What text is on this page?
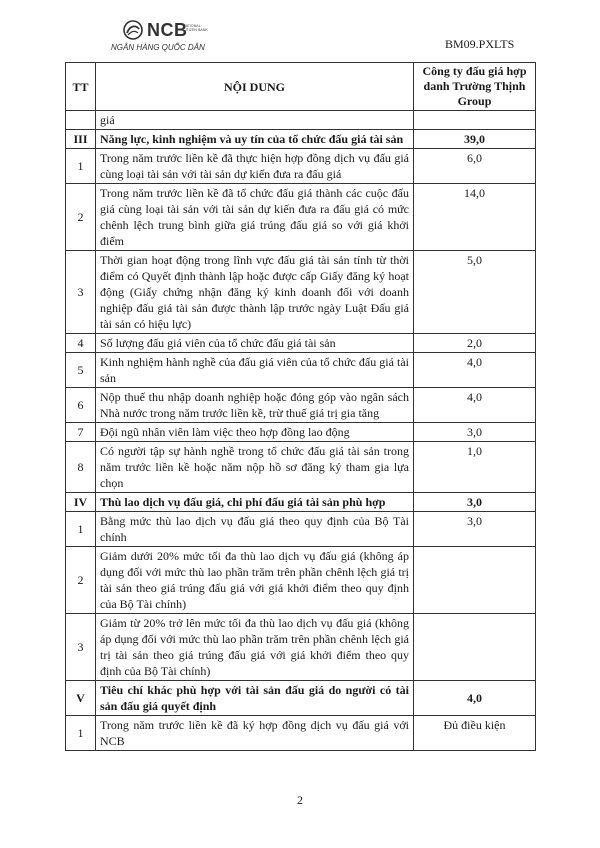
NCB
NATIONAL CITIZEN BANK
NGÂN HÀNG QUỐC DÂN	BM09.PXLTS
TT	NỘI DUNG	Công ty đấu giá hợp danh Trường Thịnh Group
	giá	
III	Năng lực, kinh nghiệm và uy tín của tổ chức đấu giá tài sản	39,0
1	Trong năm trước liền kề đã thực hiện hợp đồng dịch vụ đấu giá cùng loại tài sản với tài sản dự kiến đưa ra đấu giá	6,0
2	Trong năm trước liền kề đã tổ chức đấu giá thành các cuộc đấu giá cùng loại tài sản với tài sản dự kiến đưa ra đấu giá có mức chênh lệch trung bình giữa giá trúng đấu giá so với giá khởi điểm	14,0
3	Thời gian hoạt động trong lĩnh vực đấu giá tài sản tính từ thời điểm có Quyết định thành lập hoặc được cấp Giấy đăng ký hoạt động (Giấy chứng nhận đăng ký kinh doanh đối với doanh nghiệp đấu giá tài sản được thành lập trước ngày Luật Đấu giá tài sản có hiệu lực)	5,0
4	Số lượng đấu giá viên của tổ chức đấu giá tài sản	2,0
5	Kinh nghiệm hành nghề của đấu giá viên của tổ chức đấu giá tài sản	4,0
6	Nộp thuế thu nhập doanh nghiệp hoặc đóng góp vào ngân sách Nhà nước trong năm trước liền kề, trừ thuế giá trị gia tăng	4,0
7	Đội ngũ nhân viên làm việc theo hợp đồng lao động	3,0
8	Có người tập sự hành nghề trong tổ chức đấu giá tài sản trong năm trước liền kề hoặc năm nộp hồ sơ đăng ký tham gia lựa chọn	1,0
IV	Thù lao dịch vụ đấu giá, chi phí đấu giá tài sản phù hợp	3,0
1	Bằng mức thù lao dịch vụ đấu giá theo quy định của Bộ Tài chính	3,0
2	Giảm dưới 20% mức tối đa thù lao dịch vụ đấu giá (không áp dụng đối với mức thù lao phần trăm trên phần chênh lệch giá trị tài sản theo giá trúng đấu giá với giá khởi điểm theo quy định của Bộ Tài chính)	
3	Giảm từ 20% trở lên mức tối đa thù lao dịch vụ đấu giá (không áp dụng đối với mức thù lao phần trăm trên phần chênh lệch giá trị tài sản theo giá trúng đấu giá với giá khởi điểm theo quy định của Bộ Tài chính)	
V	Tiêu chí khác phù hợp với tài sản đấu giá do người có tài sản đấu giá quyết định	4,0
1	Trong năm trước liền kề đã ký hợp đồng dịch vụ đấu giá với NCB	Đủ điều kiện
2
